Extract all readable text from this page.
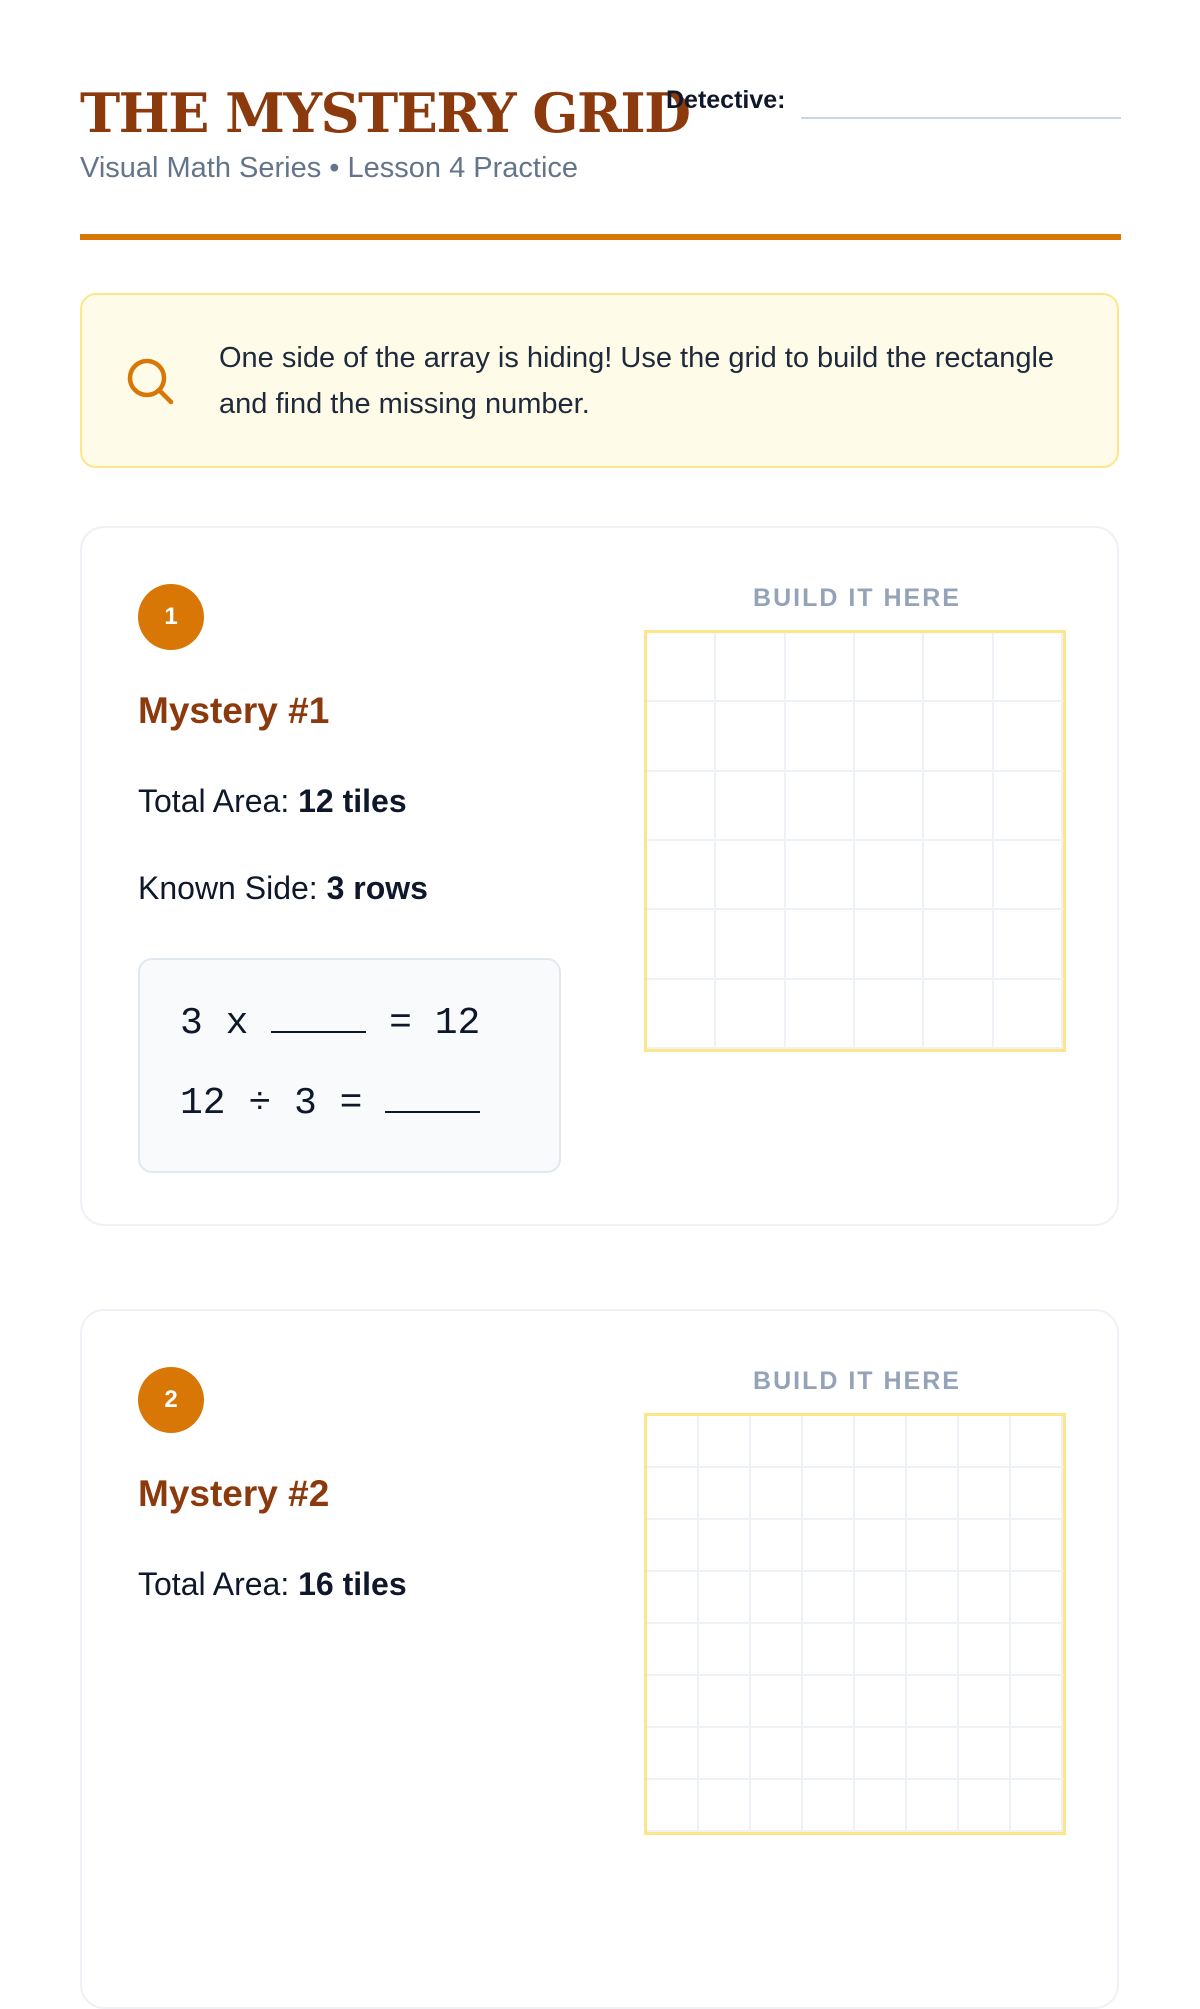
THE MYSTERY GRID
Visual Math Series • Lesson 4 Practice
Detective:
One side of the array is hiding! Use the grid to build the rectangle and find the missing number.
1
Mystery #1
Total Area: 12 tiles
Known Side: 3 rows
3 x	= 12
12 ÷ 3 =
BUILD IT HERE
2
Mystery #2
Total Area: 16 tiles
BUILD IT HERE
